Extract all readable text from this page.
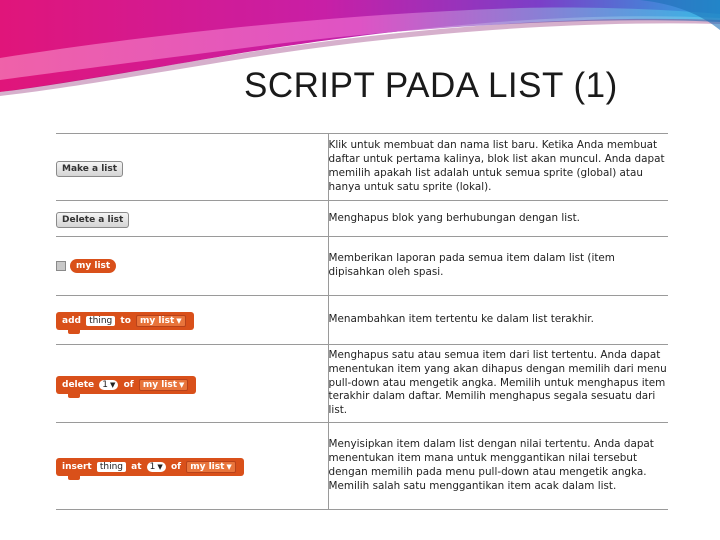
SCRIPT PADA LIST (1)
Make a list	Klik untuk membuat dan nama list baru. Ketika Anda membuat daftar untuk pertama kalinya, blok list akan muncul. Anda dapat memilih apakah list adalah untuk semua sprite (global) atau hanya untuk satu sprite (lokal).
Delete a list	Menghapus blok yang berhubungan dengan list.
my list	Memberikan laporan pada semua item dalam list (item dipisahkan oleh spasi.
add thing to my list ▼	Menambahkan item tertentu ke dalam list terakhir.
delete 1 ▼ of my list ▼	Menghapus satu atau semua item dari list tertentu. Anda dapat menentukan item yang akan dihapus dengan memilih dari menu pull-down atau mengetik angka. Memilih untuk menghapus item terakhir dalam daftar. Memilih menghapus segala sesuatu dari list.
insert thing at 1 ▼ of my list ▼	Menyisipkan item dalam list dengan nilai tertentu. Anda dapat menentukan item mana untuk menggantikan nilai tersebut dengan memilih pada menu pull-down atau mengetik angka. Memilih salah satu menggantikan item acak dalam list.
